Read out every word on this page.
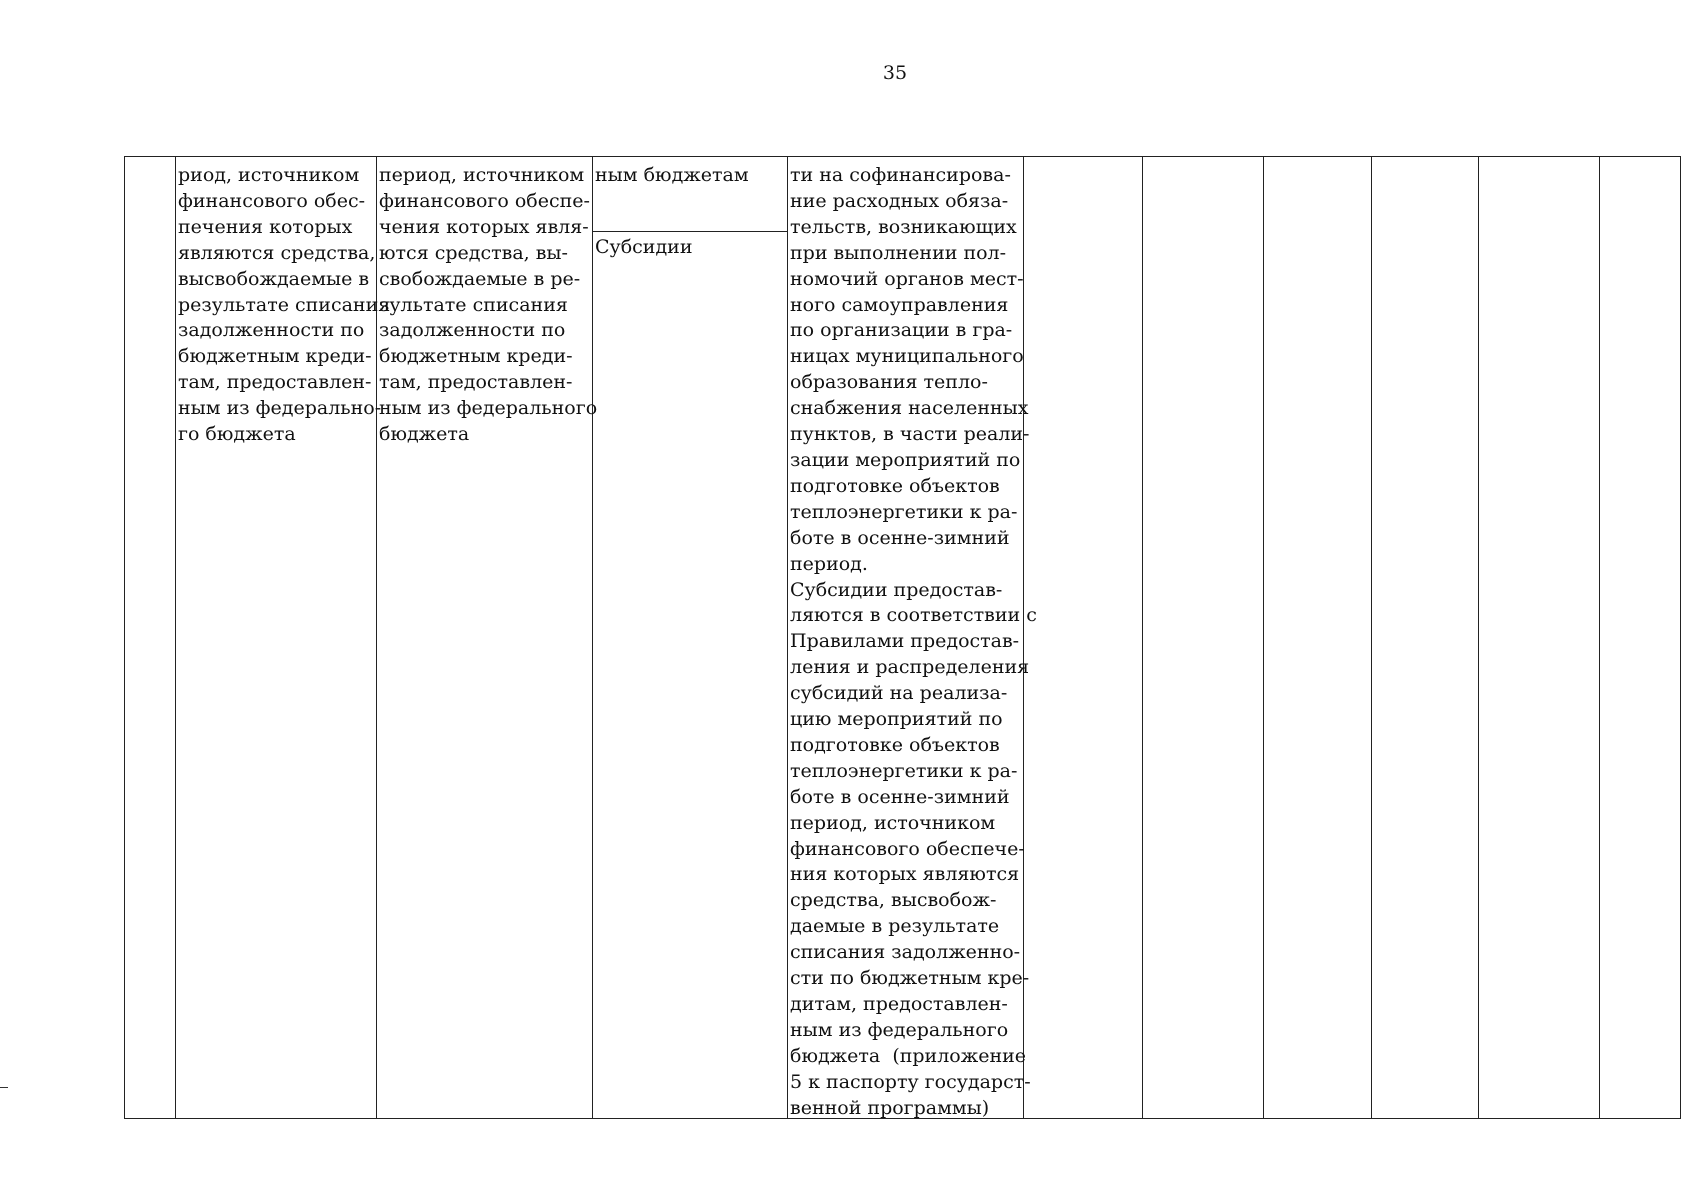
35
риод, источником
финансового обес-
печения которых
являются средства,
высвобождаемые в
результате списания
задолженности по
бюджетным креди-
там, предоставлен-
ным из федерально-
го бюджета
период, источником
финансового обеспе-
чения которых явля-
ются средства, вы-
свобождаемые в ре-
зультате списания
задолженности по
бюджетным креди-
там, предоставлен-
ным из федерального
бюджета
ным бюджетам
Субсидии
ти на софинансирова-
ние расходных обяза-
тельств, возникающих
при выполнении пол-
номочий органов мест-
ного самоуправления
по организации в гра-
ницах муниципального
образования тепло-
снабжения населенных
пунктов, в части реали-
зации мероприятий по
подготовке объектов
теплоэнергетики к ра-
боте в осенне-зимний
период.
Субсидии предостав-
ляются в соответствии с
Правилами предостав-
ления и распределения
субсидий на реализа-
цию мероприятий по
подготовке объектов
теплоэнергетики к ра-
боте в осенне-зимний
период, источником
финансового обеспече-
ния которых являются
средства, высвобож-
даемые в результате
списания задолженно-
сти по бюджетным кре-
дитам, предоставлен-
ным из федерального
бюджета  (приложение
5 к паспорту государст-
венной программы)
